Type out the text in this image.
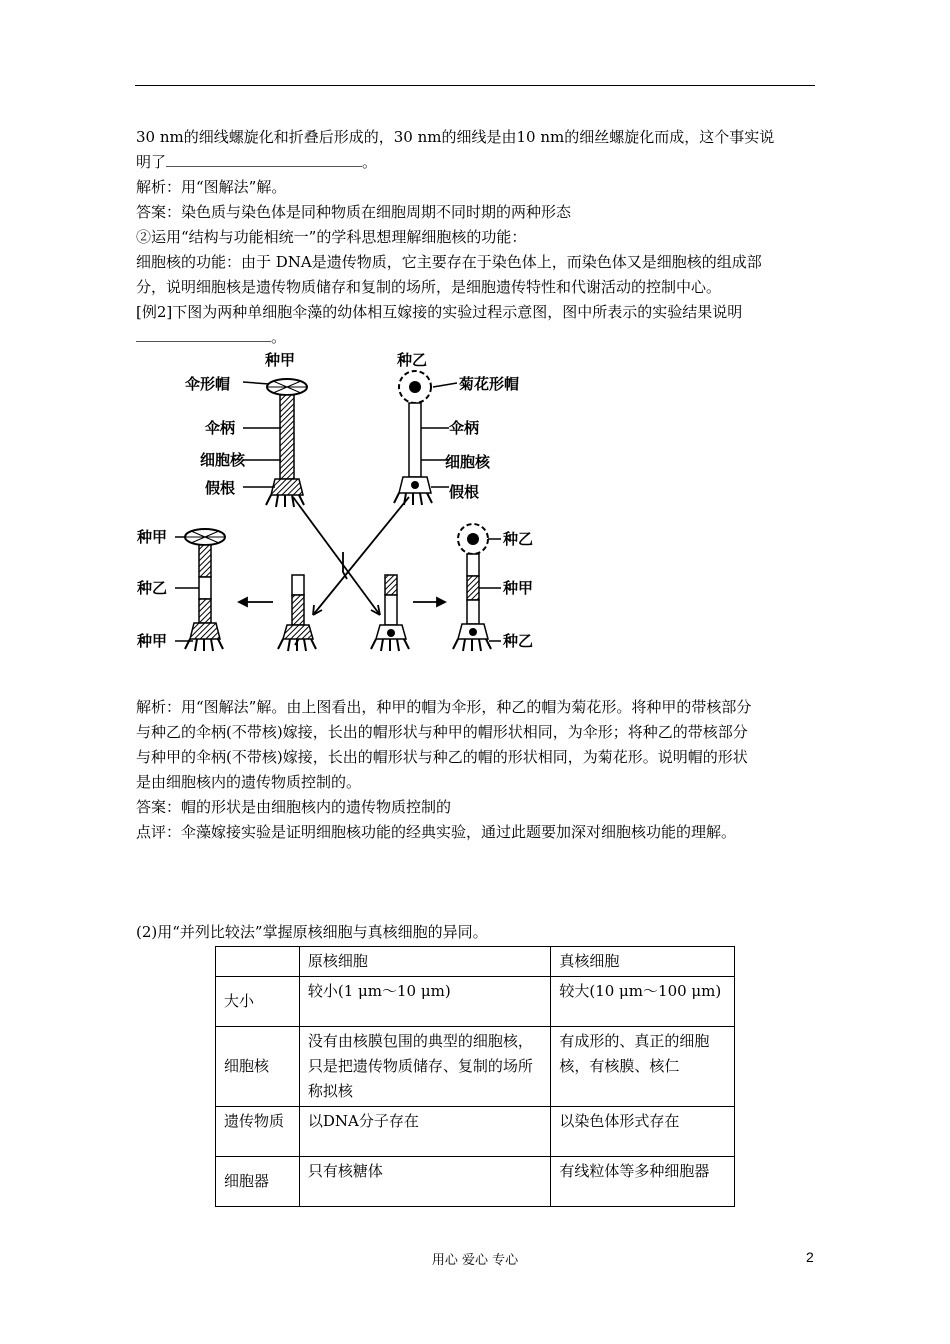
30 nm的细线螺旋化和折叠后形成的，30 nm的细线是由10 nm的细丝螺旋化而成，这个事实说

明了	。

解析：用“图解法”解。

答案：染色质与染色体是同种物质在细胞周期不同时期的两种形态

②运用“结构与功能相统一”的学科思想理解细胞核的功能：

细胞核的功能：由于 DNA是遗传物质，它主要存在于染色体上，而染色体又是细胞核的组成部

分，说明细胞核是遗传物质储存和复制的场所，是细胞遗传特性和代谢活动的控制中心。

[例2]下图为两种单细胞伞藻的幼体相互嫁接的实验过程示意图，图中所表示的实验结果说明

。

种甲
伞形帽
伞柄
细胞核
假根
种乙
菊花形帽
伞柄
细胞核
假根
种甲
种乙
种甲
种乙
种甲
种乙

解析：用“图解法”解。由上图看出，种甲的帽为伞形，种乙的帽为菊花形。将种甲的带核部分

与种乙的伞柄(不带核)嫁接，长出的帽形状与种甲的帽形状相同，为伞形；将种乙的带核部分

与种甲的伞柄(不带核)嫁接，长出的帽形状与种乙的帽的形状相同，为菊花形。说明帽的形状

是由细胞核内的遗传物质控制的。

答案：帽的形状是由细胞核内的遗传物质控制的

点评：伞藻嫁接实验是证明细胞核功能的经典实验，通过此题要加深对细胞核功能的理解。

(2)用“并列比较法”掌握原核细胞与真核细胞的异同。

	原核细胞	真核细胞
大小	较小(1 μm～10 μm)	较大(10 μm～100 μm)
细胞核	没有由核膜包围的典型的细胞核，只是把遗传物质储存、复制的场所称拟核	有成形的、真正的细胞核，有核膜、核仁
遗传物质	以DNA分子存在	以染色体形式存在
细胞器	只有核糖体	有线粒体等多种细胞器
用心 爱心 专心	2
